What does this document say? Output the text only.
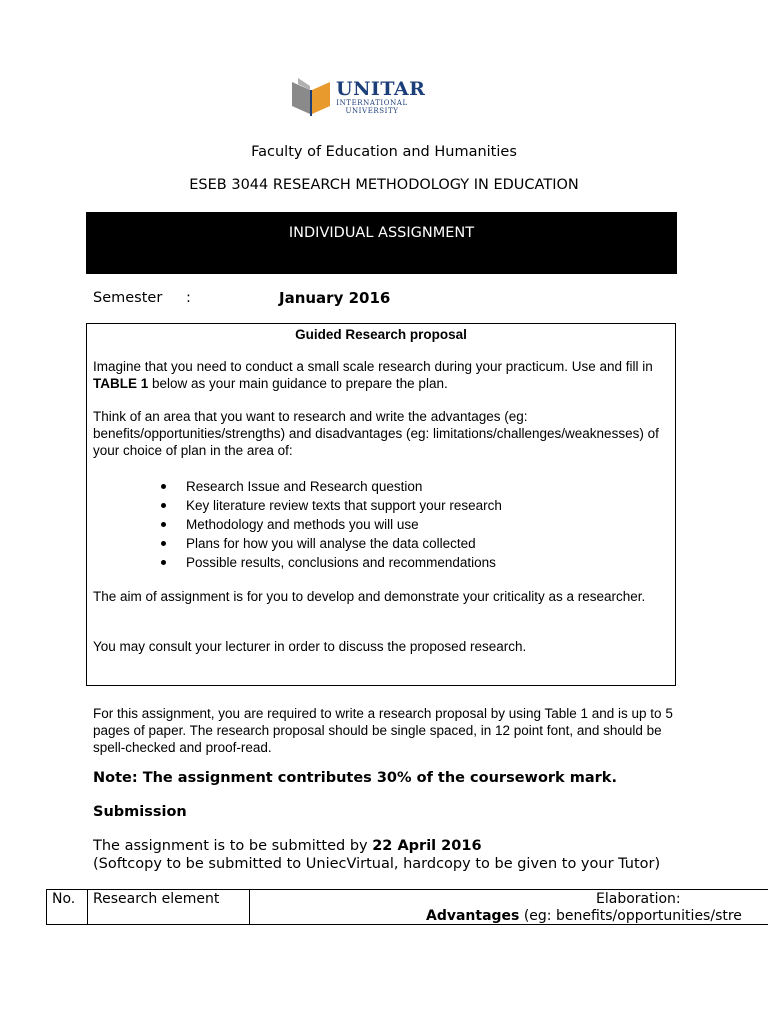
UNITAR
INTERNATIONAL
UNIVERSITY
Faculty of Education and Humanities
ESEB 3044 RESEARCH METHODOLOGY IN EDUCATION
INDIVIDUAL ASSIGNMENT
Semester :	January 2016
Guided Research proposal
Imagine that you need to conduct a small scale research during your practicum. Use and fill in TABLE 1 below as your main guidance to prepare the plan.
Think of an area that you want to research and write the advantages (eg: benefits/opportunities/strengths) and disadvantages (eg: limitations/challenges/weaknesses) of your choice of plan in the area of:
Research Issue and Research question
Key literature review texts that support your research
Methodology and methods you will use
Plans for how you will analyse the data collected
Possible results, conclusions and recommendations
The aim of assignment is for you to develop and demonstrate your criticality as a researcher.
You may consult your lecturer in order to discuss the proposed research.
For this assignment, you are required to write a research proposal by using Table 1 and is up to 5 pages of paper. The research proposal should be single spaced, in 12 point font, and should be spell-checked and proof-read.
Note: The assignment contributes 30% of the coursework mark.
Submission
The assignment is to be submitted by 22 April 2016
(Softcopy to be submitted to UniecVirtual, hardcopy to be given to your Tutor)
No. Research element	Elaboration:
Advantages (eg: benefits/opportunities/stre
